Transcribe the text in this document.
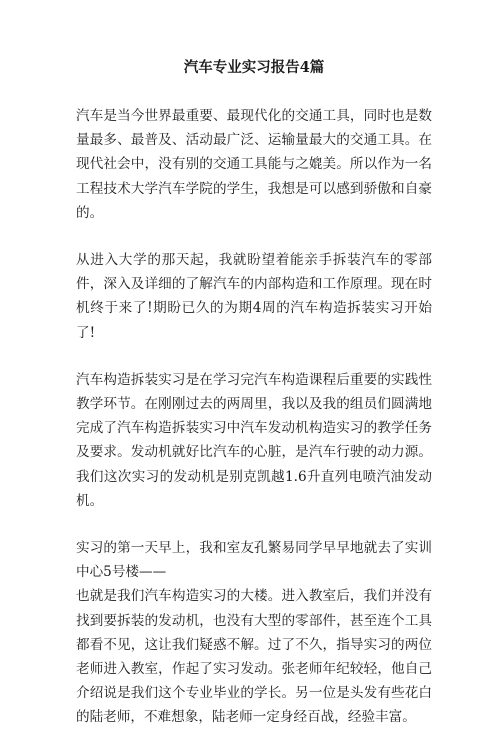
汽车专业实习报告4篇
汽车是当今世界最重要、最现代化的交通工具，同时也是数量最多、最普及、活动最广泛、运输量最大的交通工具。在现代社会中，没有别的交通工具能与之媲美。所以作为一名工程技术大学汽车学院的学生，我想是可以感到骄傲和自豪的。
从进入大学的那天起，我就盼望着能亲手拆装汽车的零部件，深入及详细的了解汽车的内部构造和工作原理。现在时机终于来了!期盼已久的为期4周的汽车构造拆装实习开始了!
汽车构造拆装实习是在学习完汽车构造课程后重要的实践性教学环节。在刚刚过去的两周里，我以及我的组员们圆满地完成了汽车构造拆装实习中汽车发动机构造实习的教学任务及要求。发动机就好比汽车的心脏，是汽车行驶的动力源。我们这次实习的发动机是别克凯越1.6升直列电喷汽油发动机。
实习的第一天早上，我和室友孔繁易同学早早地就去了实训中心5号楼——
也就是我们汽车构造实习的大楼。进入教室后，我们并没有找到要拆装的发动机，也没有大型的零部件，甚至连个工具都看不见，这让我们疑惑不解。过了不久，指导实习的两位老师进入教室，作起了实习发动。张老师年纪较轻，他自己介绍说是我们这个专业毕业的学长。另一位是头发有些花白的陆老师，不难想象，陆老师一定身经百战，经验丰富。
